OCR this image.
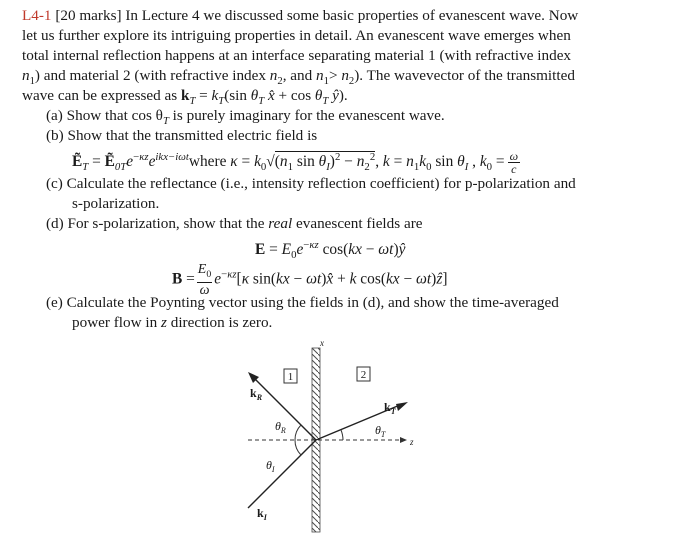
L4-1 [20 marks] In Lecture 4 we discussed some basic properties of evanescent wave. Now
let us further explore its intriguing properties in detail. An evanescent wave emerges when
total internal reflection happens at an interface separating material 1 (with refractive index
$n_1$) and material 2 (with refractive index $n_2$, and $n_1> n_2$). The wavevector of the transmitted
wave can be expressed as $k_T = k_T(\sin$ $\theta_T$ x̂ + $\cos \theta_T$ ŷ).
(a) Show that $\cos \theta_T$ is purely imaginary for the evanescent wave.
(b) Show that the transmitted electric field is
Ẽ$_T$ = $Ẽ_{0T}e^{-\kappa z}e^{ikx-i\omega t}where$ $\kappa = k_0√(n_1$ $\sin \theta_I)^2 - n_2^2$, $k = n_1k_0$ $\sin \theta_I$ , $k_0 = \frac{\omega}{c}$
(c) Calculate the reflectance (i.e., intensity reflection coefficient) for p-polarization and
s-polarization.
(d) For s-polarization, show that the real evanescent fields are
$E = E_0e^{-\kappa z}$ cos(kx − ωt)ŷ
$B = \frac{E_0}{\omega} e^{-\kappa z}[\kappa$ sin(kx − ωt)x̂ + k cos(kx − ωt)ẑ]
(e) Calculate the Poynting vector using the fields in (d), and show the time-averaged
power flow in z direction is zero.
1	2
x
z
$k_R$
$k_T$
$k_I$
$\theta_R$
$\theta_I$
$\theta_T$
